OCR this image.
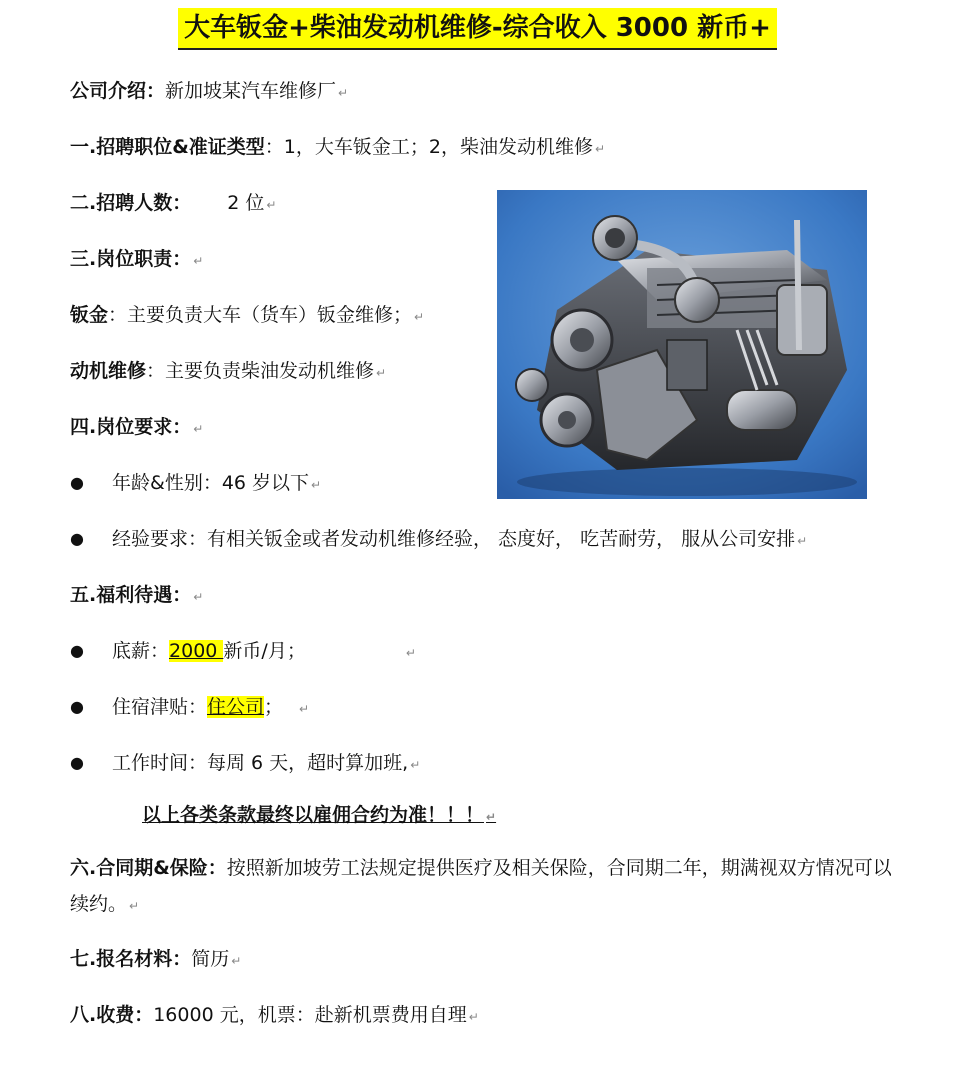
大车钣金+柴油发动机维修-综合收入 3000 新币+
公司介绍：新加坡某汽车维修厂 ↵
一.招聘职位&准证类型：1，大车钣金工；2，柴油发动机维修 ↵
二.招聘人数： 2 位 ↵
三.岗位职责： ↵
钣金：主要负责大车（货车）钣金维修； ↵
动机维修：主要负责柴油发动机维修 ↵
四.岗位要求： ↵
● 年龄&性别：46 岁以下 ↵
● 经验要求：有相关钣金或者发动机维修经验， 态度好， 吃苦耐劳， 服从公司安排 ↵
五.福利待遇： ↵
● 底薪：2000 新币/月；	↵
● 住宿津贴：住公司； ↵
● 工作时间：每周 6 天，超时算加班, ↵
以上各类条款最终以雇佣合约为准！！！ ↵
六.合同期&保险：按照新加坡劳工法规定提供医疗及相关保险，合同期二年，期满视双方情况可以续约。 ↵
七.报名材料：简历 ↵
八.收费：16000 元，机票：赴新机票费用自理 ↵
